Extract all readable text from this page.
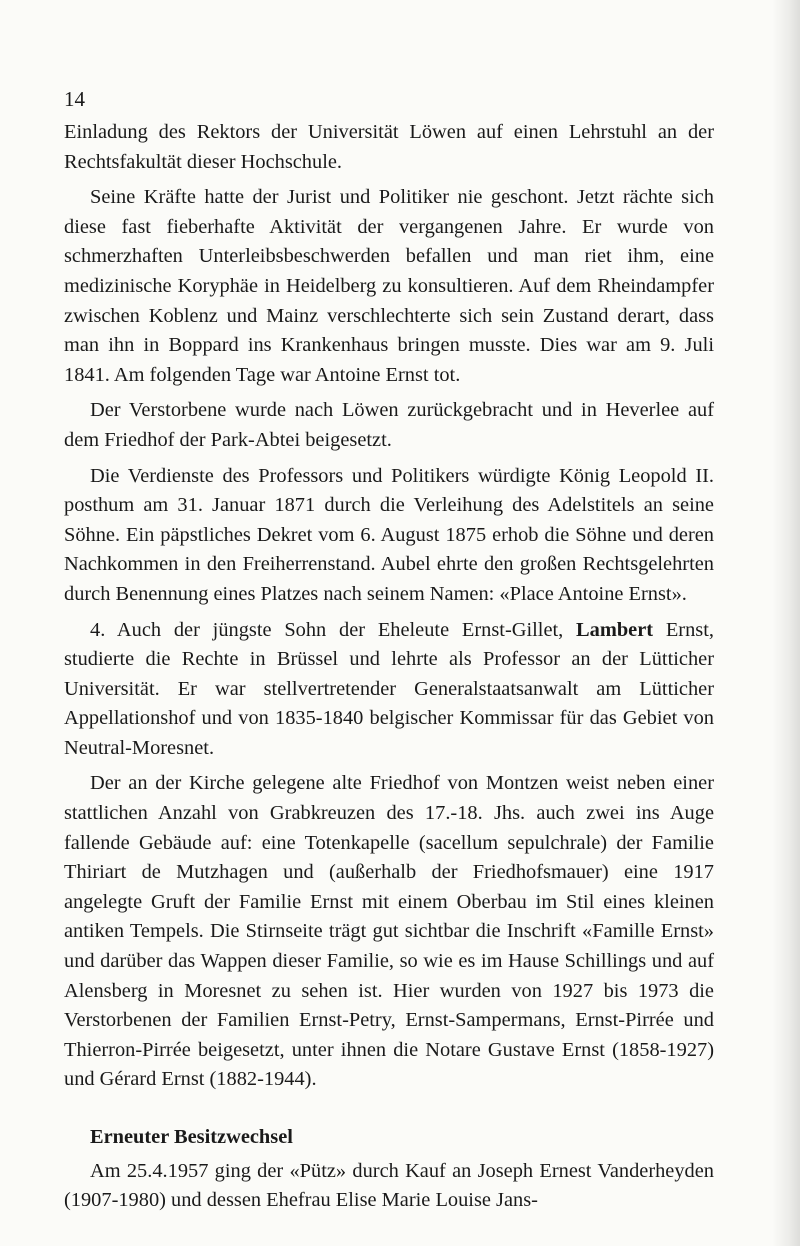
14

Einladung des Rektors der Universität Löwen auf einen Lehrstuhl an der Rechtsfakultät dieser Hochschule.

Seine Kräfte hatte der Jurist und Politiker nie geschont. Jetzt rächte sich diese fast fieberhafte Aktivität der vergangenen Jahre. Er wurde von schmerzhaften Unterleibsbeschwerden befallen und man riet ihm, eine medizinische Koryphäe in Heidelberg zu konsultieren. Auf dem Rheindampfer zwischen Koblenz und Mainz verschlechterte sich sein Zustand derart, dass man ihn in Boppard ins Krankenhaus bringen musste. Dies war am 9. Juli 1841. Am folgenden Tage war Antoine Ernst tot.

Der Verstorbene wurde nach Löwen zurückgebracht und in Heverlee auf dem Friedhof der Park-Abtei beigesetzt.

Die Verdienste des Professors und Politikers würdigte König Leopold II. posthum am 31. Januar 1871 durch die Verleihung des Adelstitels an seine Söhne. Ein päpstliches Dekret vom 6. August 1875 erhob die Söhne und deren Nachkommen in den Freiherrenstand. Aubel ehrte den großen Rechtsgelehrten durch Benennung eines Platzes nach seinem Namen: «Place Antoine Ernst».

4. Auch der jüngste Sohn der Eheleute Ernst-Gillet, Lambert Ernst, studierte die Rechte in Brüssel und lehrte als Professor an der Lütticher Universität. Er war stellvertretender Generalstaatsanwalt am Lütticher Appellationshof und von 1835-1840 belgischer Kommissar für das Gebiet von Neutral-Moresnet.

Der an der Kirche gelegene alte Friedhof von Montzen weist neben einer stattlichen Anzahl von Grabkreuzen des 17.-18. Jhs. auch zwei ins Auge fallende Gebäude auf: eine Totenkapelle (sacellum sepulchrale) der Familie Thiriart de Mutzhagen und (außerhalb der Friedhofsmauer) eine 1917 angelegte Gruft der Familie Ernst mit einem Oberbau im Stil eines kleinen antiken Tempels. Die Stirnseite trägt gut sichtbar die Inschrift «Famille Ernst» und darüber das Wappen dieser Familie, so wie es im Hause Schillings und auf Alensberg in Moresnet zu sehen ist. Hier wurden von 1927 bis 1973 die Verstorbenen der Familien Ernst-Petry, Ernst-Sampermans, Ernst-Pirrée und Thierron-Pirrée beigesetzt, unter ihnen die Notare Gustave Ernst (1858-1927) und Gérard Ernst (1882-1944).

Erneuter Besitzwechsel

Am 25.4.1957 ging der «Pütz» durch Kauf an Joseph Ernest Vanderheyden (1907-1980) und dessen Ehefrau Elise Marie Louise Jans-
